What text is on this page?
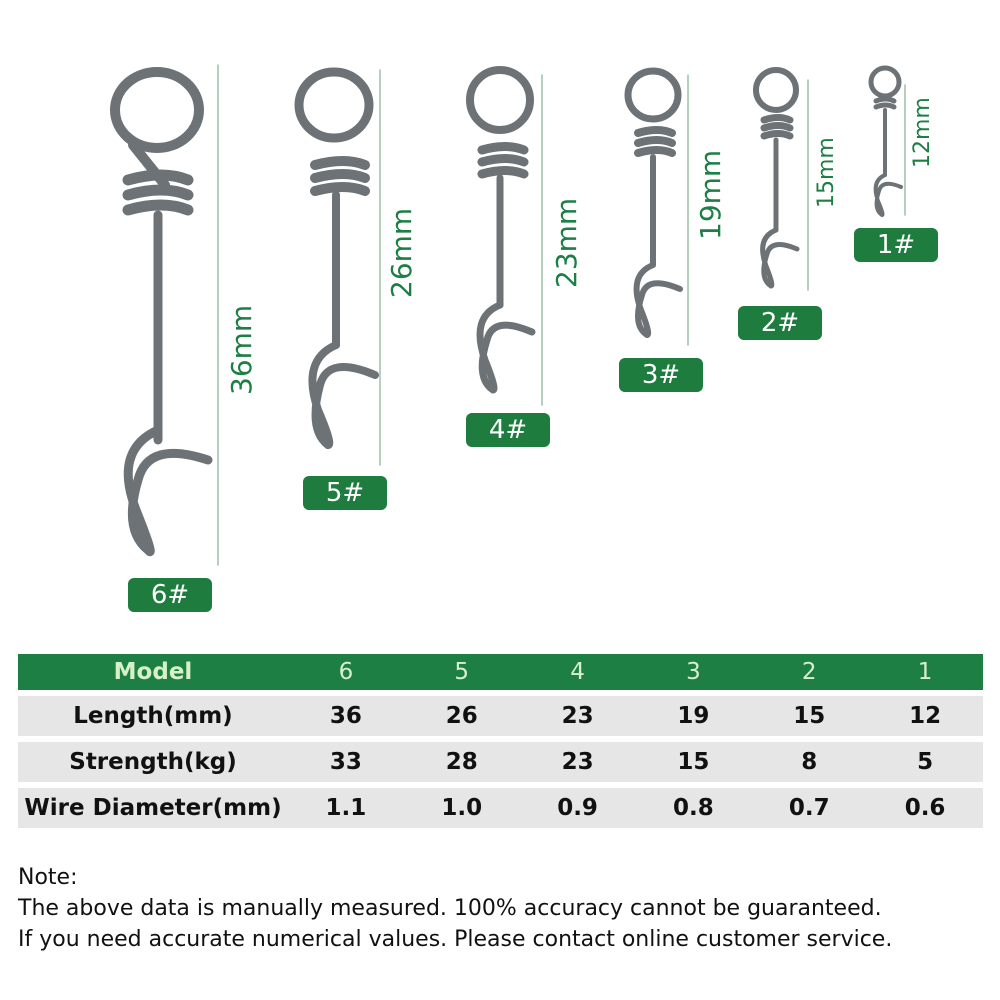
36mm
26mm	23mm
19mm	15mm
12mm
6#
5#
4#
3#
2#
1#
Model	6	5	4	3	2	1
Length(mm)	36	26	23	19	15	12
Strength(kg)	33	28	23	15	8	5
Wire Diameter(mm)	1.1	1.0	0.9	0.8	0.7	0.6
Note:
The above data is manually measured. 100% accuracy cannot be guaranteed.
If you need accurate numerical values. Please contact online customer service.
